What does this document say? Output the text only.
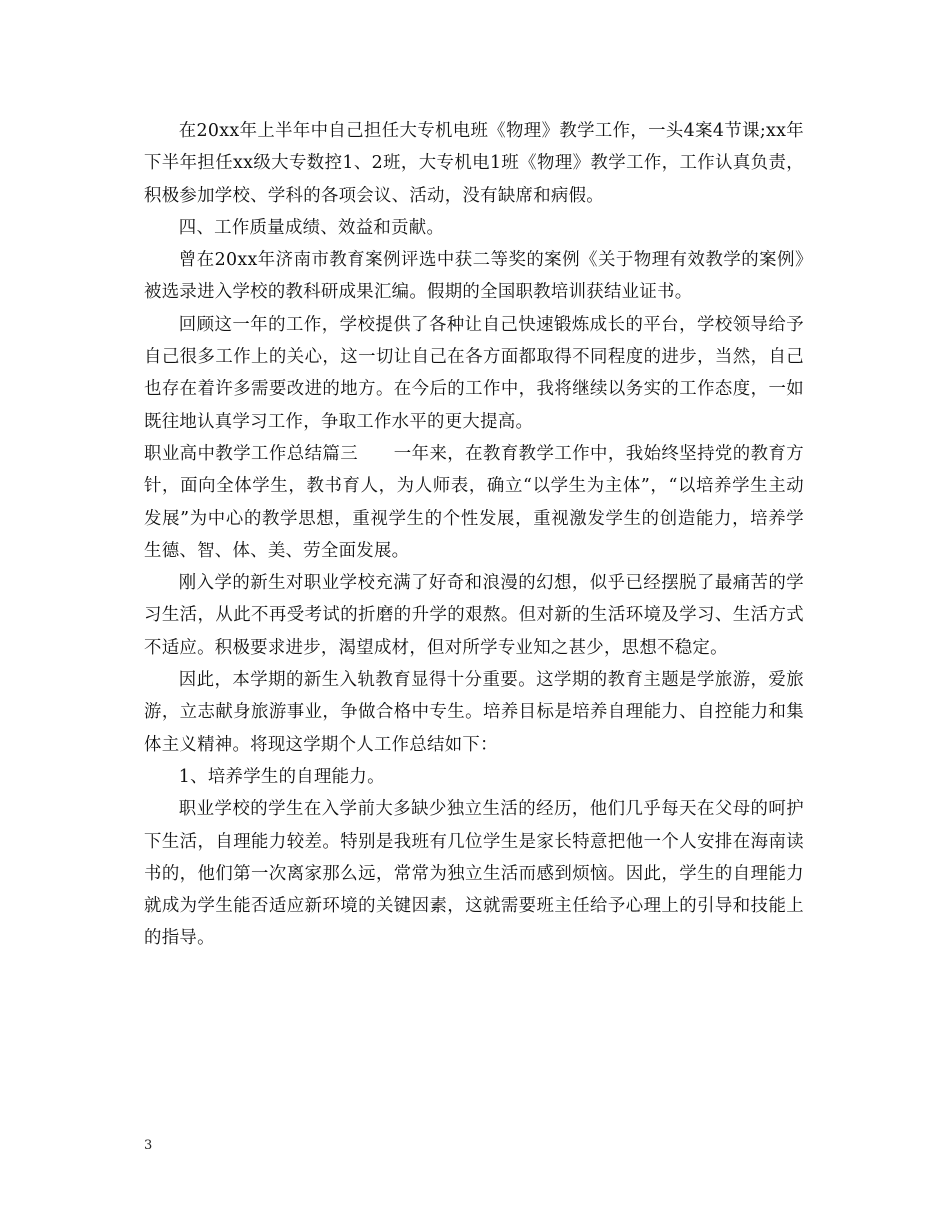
在20xx年上半年中自己担任大专机电班《物理》教学工作，一头4案4节课;xx年下半年担任xx级大专数控1、2班，大专机电1班《物理》教学工作，工作认真负责，积极参加学校、学科的各项会议、活动，没有缺席和病假。

四、工作质量成绩、效益和贡献。

曾在20xx年济南市教育案例评选中获二等奖的案例《关于物理有效教学的案例》被选录进入学校的教科研成果汇编。假期的全国职教培训获结业证书。

回顾这一年的工作，学校提供了各种让自己快速锻炼成长的平台，学校领导给予自己很多工作上的关心，这一切让自己在各方面都取得不同程度的进步，当然，自己也存在着许多需要改进的地方。在今后的工作中，我将继续以务实的工作态度，一如既往地认真学习工作，争取工作水平的更大提高。

职业高中教学工作总结篇三　　一年来，在教育教学工作中，我始终坚持党的教育方针，面向全体学生，教书育人，为人师表，确立“以学生为主体”，“以培养学生主动发展”为中心的教学思想，重视学生的个性发展，重视激发学生的创造能力，培养学生德、智、体、美、劳全面发展。

刚入学的新生对职业学校充满了好奇和浪漫的幻想，似乎已经摆脱了最痛苦的学习生活，从此不再受考试的折磨的升学的艰熬。但对新的生活环境及学习、生活方式不适应。积极要求进步，渴望成材，但对所学专业知之甚少，思想不稳定。

因此，本学期的新生入轨教育显得十分重要。这学期的教育主题是学旅游，爱旅游，立志献身旅游事业，争做合格中专生。培养目标是培养自理能力、自控能力和集体主义精神。将现这学期个人工作总结如下：

1、培养学生的自理能力。

职业学校的学生在入学前大多缺少独立生活的经历，他们几乎每天在父母的呵护下生活，自理能力较差。特别是我班有几位学生是家长特意把他一个人安排在海南读书的，他们第一次离家那么远，常常为独立生活而感到烦恼。因此，学生的自理能力就成为学生能否适应新环境的关键因素，这就需要班主任给予心理上的引导和技能上的指导。

3
